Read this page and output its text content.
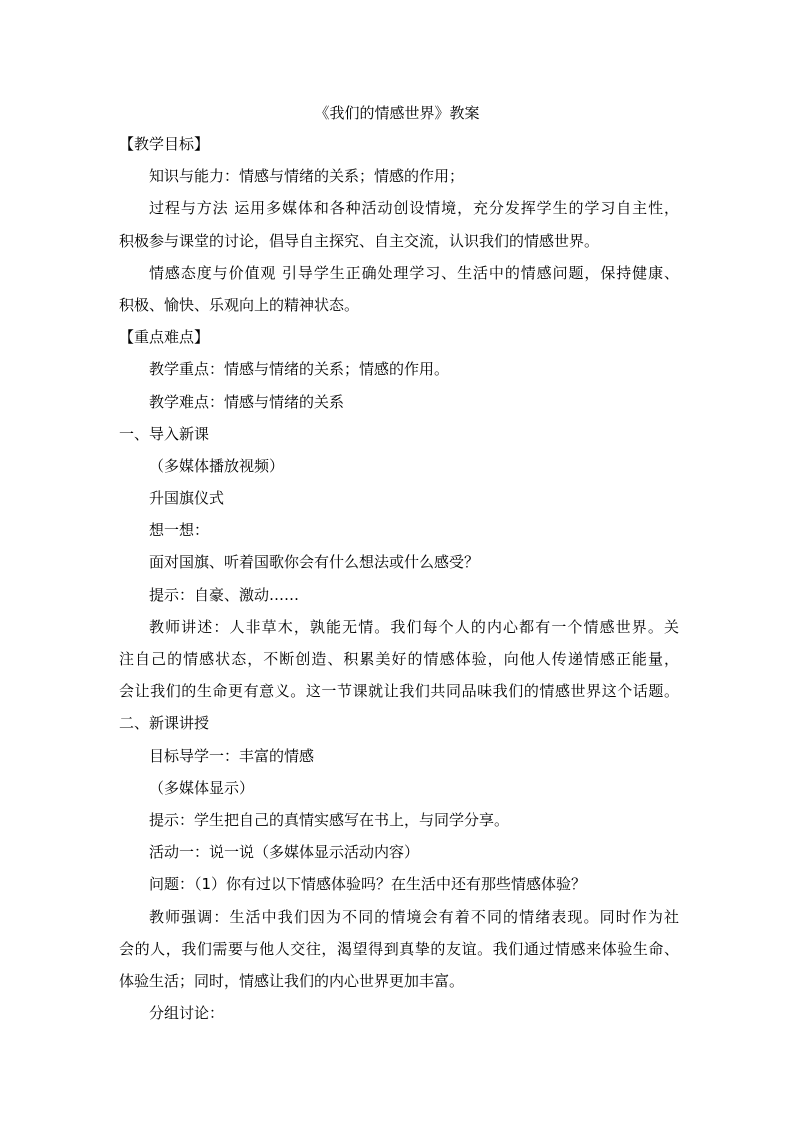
《我们的情感世界》教案
【教学目标】
知识与能力：情感与情绪的关系；情感的作用；
过程与方法 运用多媒体和各种活动创设情境，充分发挥学生的学习自主性，
积极参与课堂的讨论，倡导自主探究、自主交流，认识我们的情感世界。
情感态度与价值观 引导学生正确处理学习、生活中的情感问题，保持健康、
积极、愉快、乐观向上的精神状态。
【重点难点】
教学重点：情感与情绪的关系；情感的作用。
教学难点：情感与情绪的关系
一、导入新课
（多媒体播放视频）
升国旗仪式
想一想：
面对国旗、听着国歌你会有什么想法或什么感受？
提示：自豪、激动……
教师讲述：人非草木，孰能无情。我们每个人的内心都有一个情感世界。关
注自己的情感状态，不断创造、积累美好的情感体验，向他人传递情感正能量，
会让我们的生命更有意义。这一节课就让我们共同品味我们的情感世界这个话题。
二、新课讲授
目标导学一：丰富的情感
（多媒体显示）
提示：学生把自己的真情实感写在书上，与同学分享。
活动一：说一说（多媒体显示活动内容）
问题：（1）你有过以下情感体验吗？在生活中还有那些情感体验？
教师强调：生活中我们因为不同的情境会有着不同的情绪表现。同时作为社
会的人，我们需要与他人交往，渴望得到真挚的友谊。我们通过情感来体验生命、
体验生活；同时，情感让我们的内心世界更加丰富。
分组讨论：
